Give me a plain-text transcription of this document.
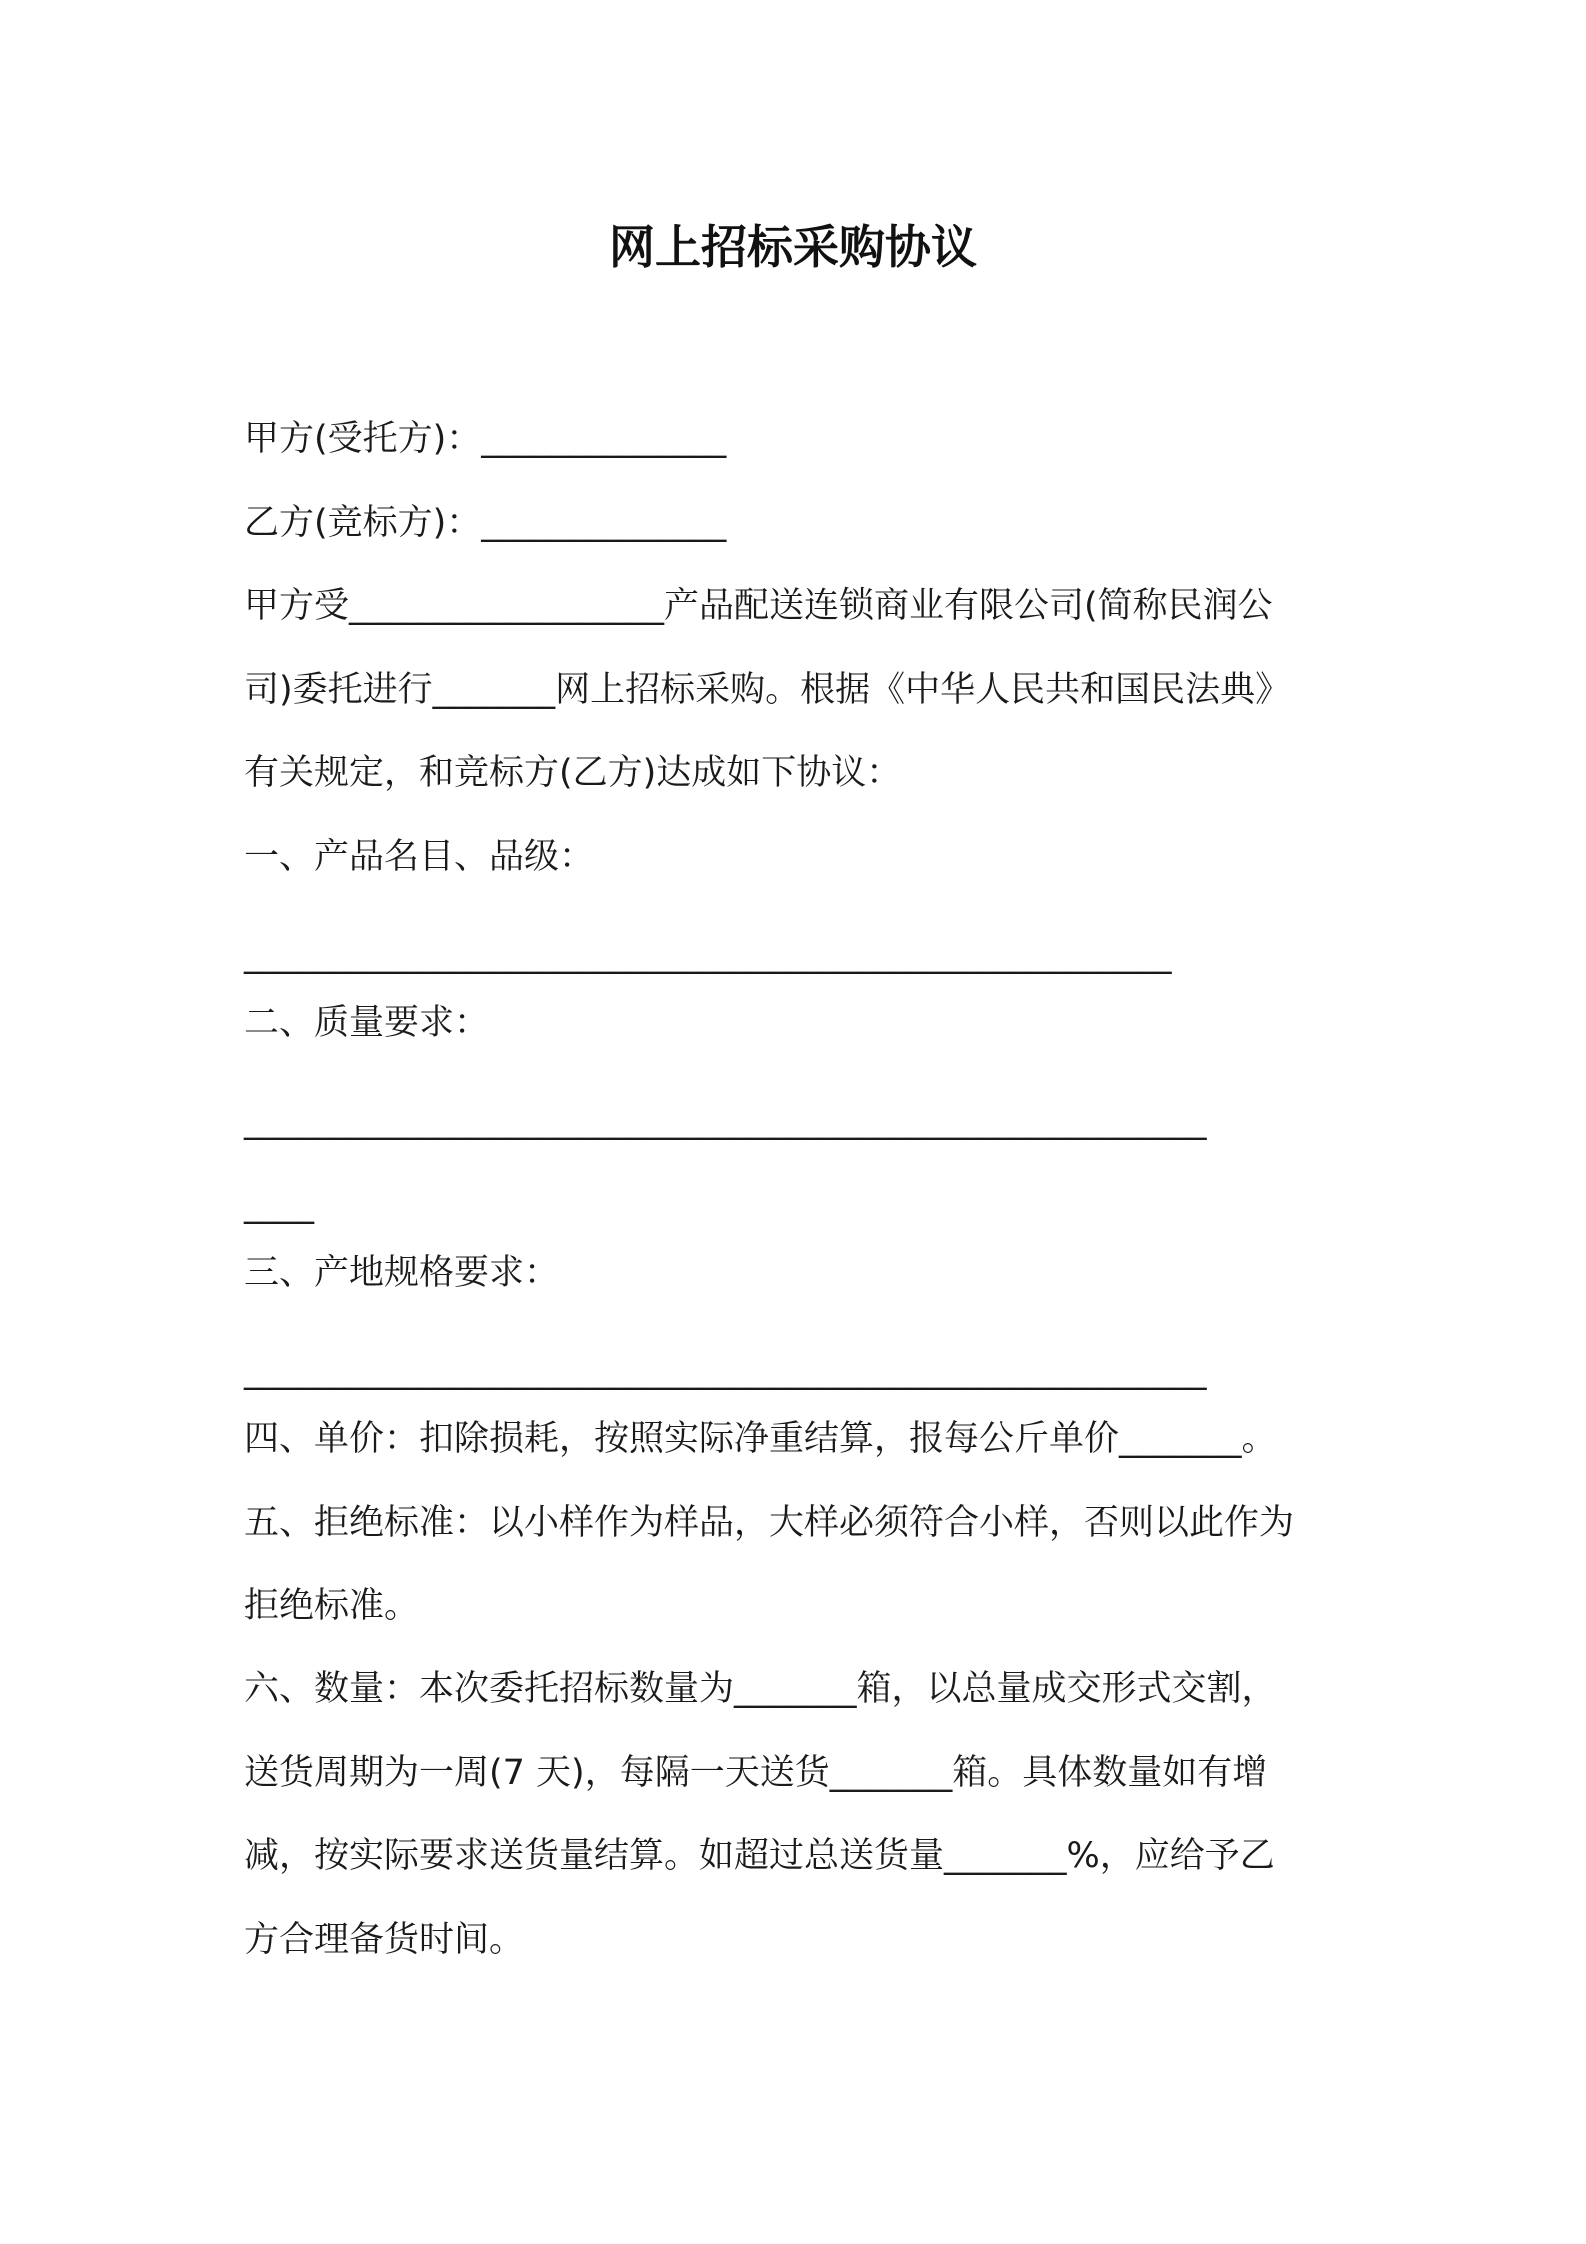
网上招标采购协议
甲方(受托方)：______________
乙方(竞标方)：______________
甲方受__________________产品配送连锁商业有限公司(简称民润公
司)委托进行_______网上招标采购。根据《中华人民共和国民法典》
有关规定，和竞标方(乙方)达成如下协议：
一、产品名目、品级：
_____________________________________________________
二、质量要求：
_______________________________________________________
____
三、产地规格要求：
_______________________________________________________
四、单价：扣除损耗，按照实际净重结算，报每公斤单价_______。
五、拒绝标准：以小样作为样品，大样必须符合小样，否则以此作为
拒绝标准。
六、数量：本次委托招标数量为_______箱，以总量成交形式交割，
送货周期为一周(7 天)，每隔一天送货_______箱。具体数量如有增
减，按实际要求送货量结算。如超过总送货量_______%，应给予乙
方合理备货时间。
